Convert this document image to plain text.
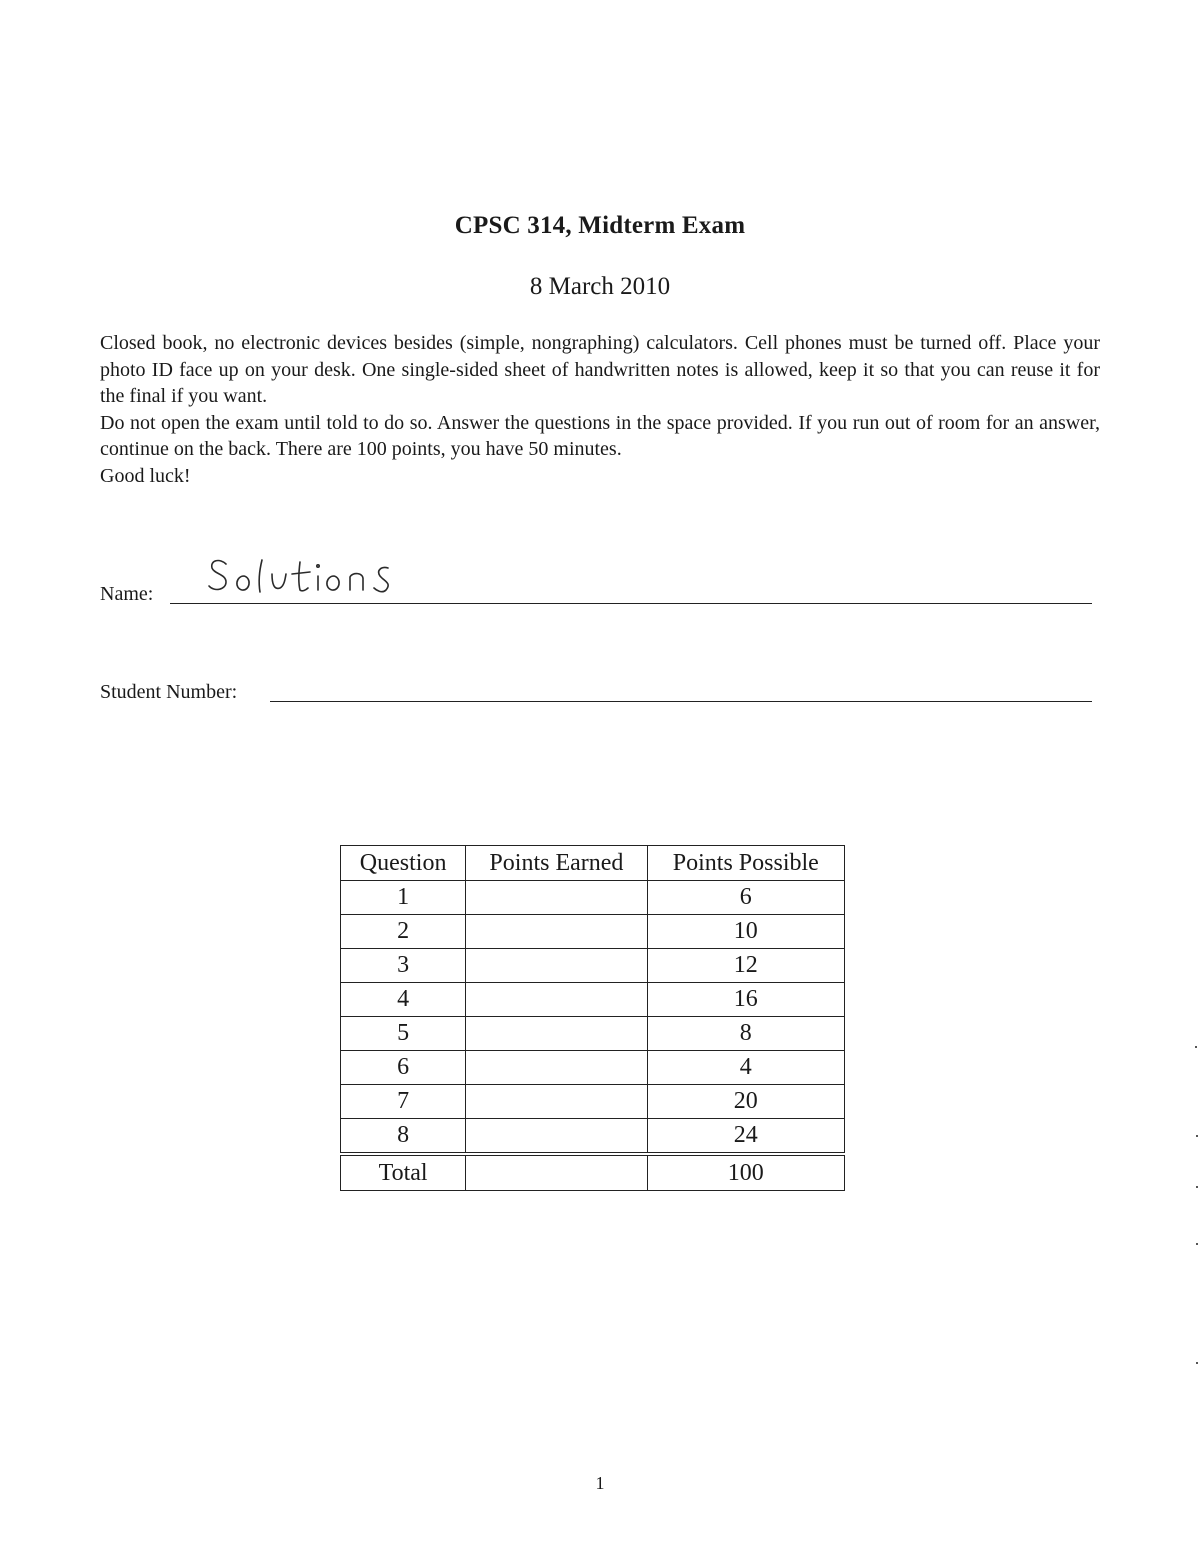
CPSC 314, Midterm Exam
8 March 2010

Closed book, no electronic devices besides (simple, nongraphing) calculators. Cell phones must be turned off. Place your photo ID face up on your desk. One single-sided sheet of handwritten notes is allowed, keep it so that you can reuse it for the final if you want.

Do not open the exam until told to do so. Answer the questions in the space provided. If you run out of room for an answer, continue on the back. There are 100 points, you have 50 minutes.

Good luck!

Name:
Student Number:
Question	Points Earned	Points Possible
1		6
2		10
3		12
4		16
5		8
6		4
7		20
8		24
Total		100
1
